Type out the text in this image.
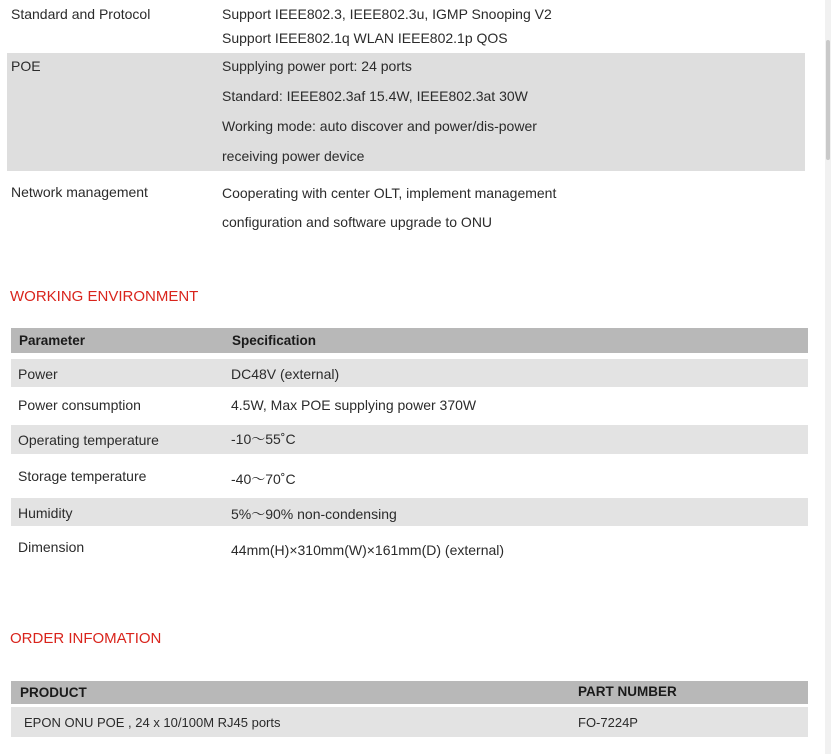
Standard and Protocol	Support IEEE802.3, IEEE802.3u, IGMP Snooping V2
Support IEEE802.1q WLAN IEEE802.1p QOS
POE	Supplying power port: 24 ports
Standard: IEEE802.3af 15.4W, IEEE802.3at 30W
Working mode: auto discover and power/dis-power
receiving power device
Network management	Cooperating with center OLT, implement management
configuration and software upgrade to ONU
WORKING ENVIRONMENT
Parameter	Specification
Power	DC48V (external)
Power consumption	4.5W, Max POE supplying power 370W
Operating temperature	-10〜55˚C
Storage temperature	-40〜70˚C
Humidity	5%〜90% non-condensing
Dimension	44mm(H)×310mm(W)×161mm(D) (external)
ORDER INFOMATION
PRODUCT	PART NUMBER
EPON ONU POE , 24 x 10/100M RJ45 ports	FO-7224P
